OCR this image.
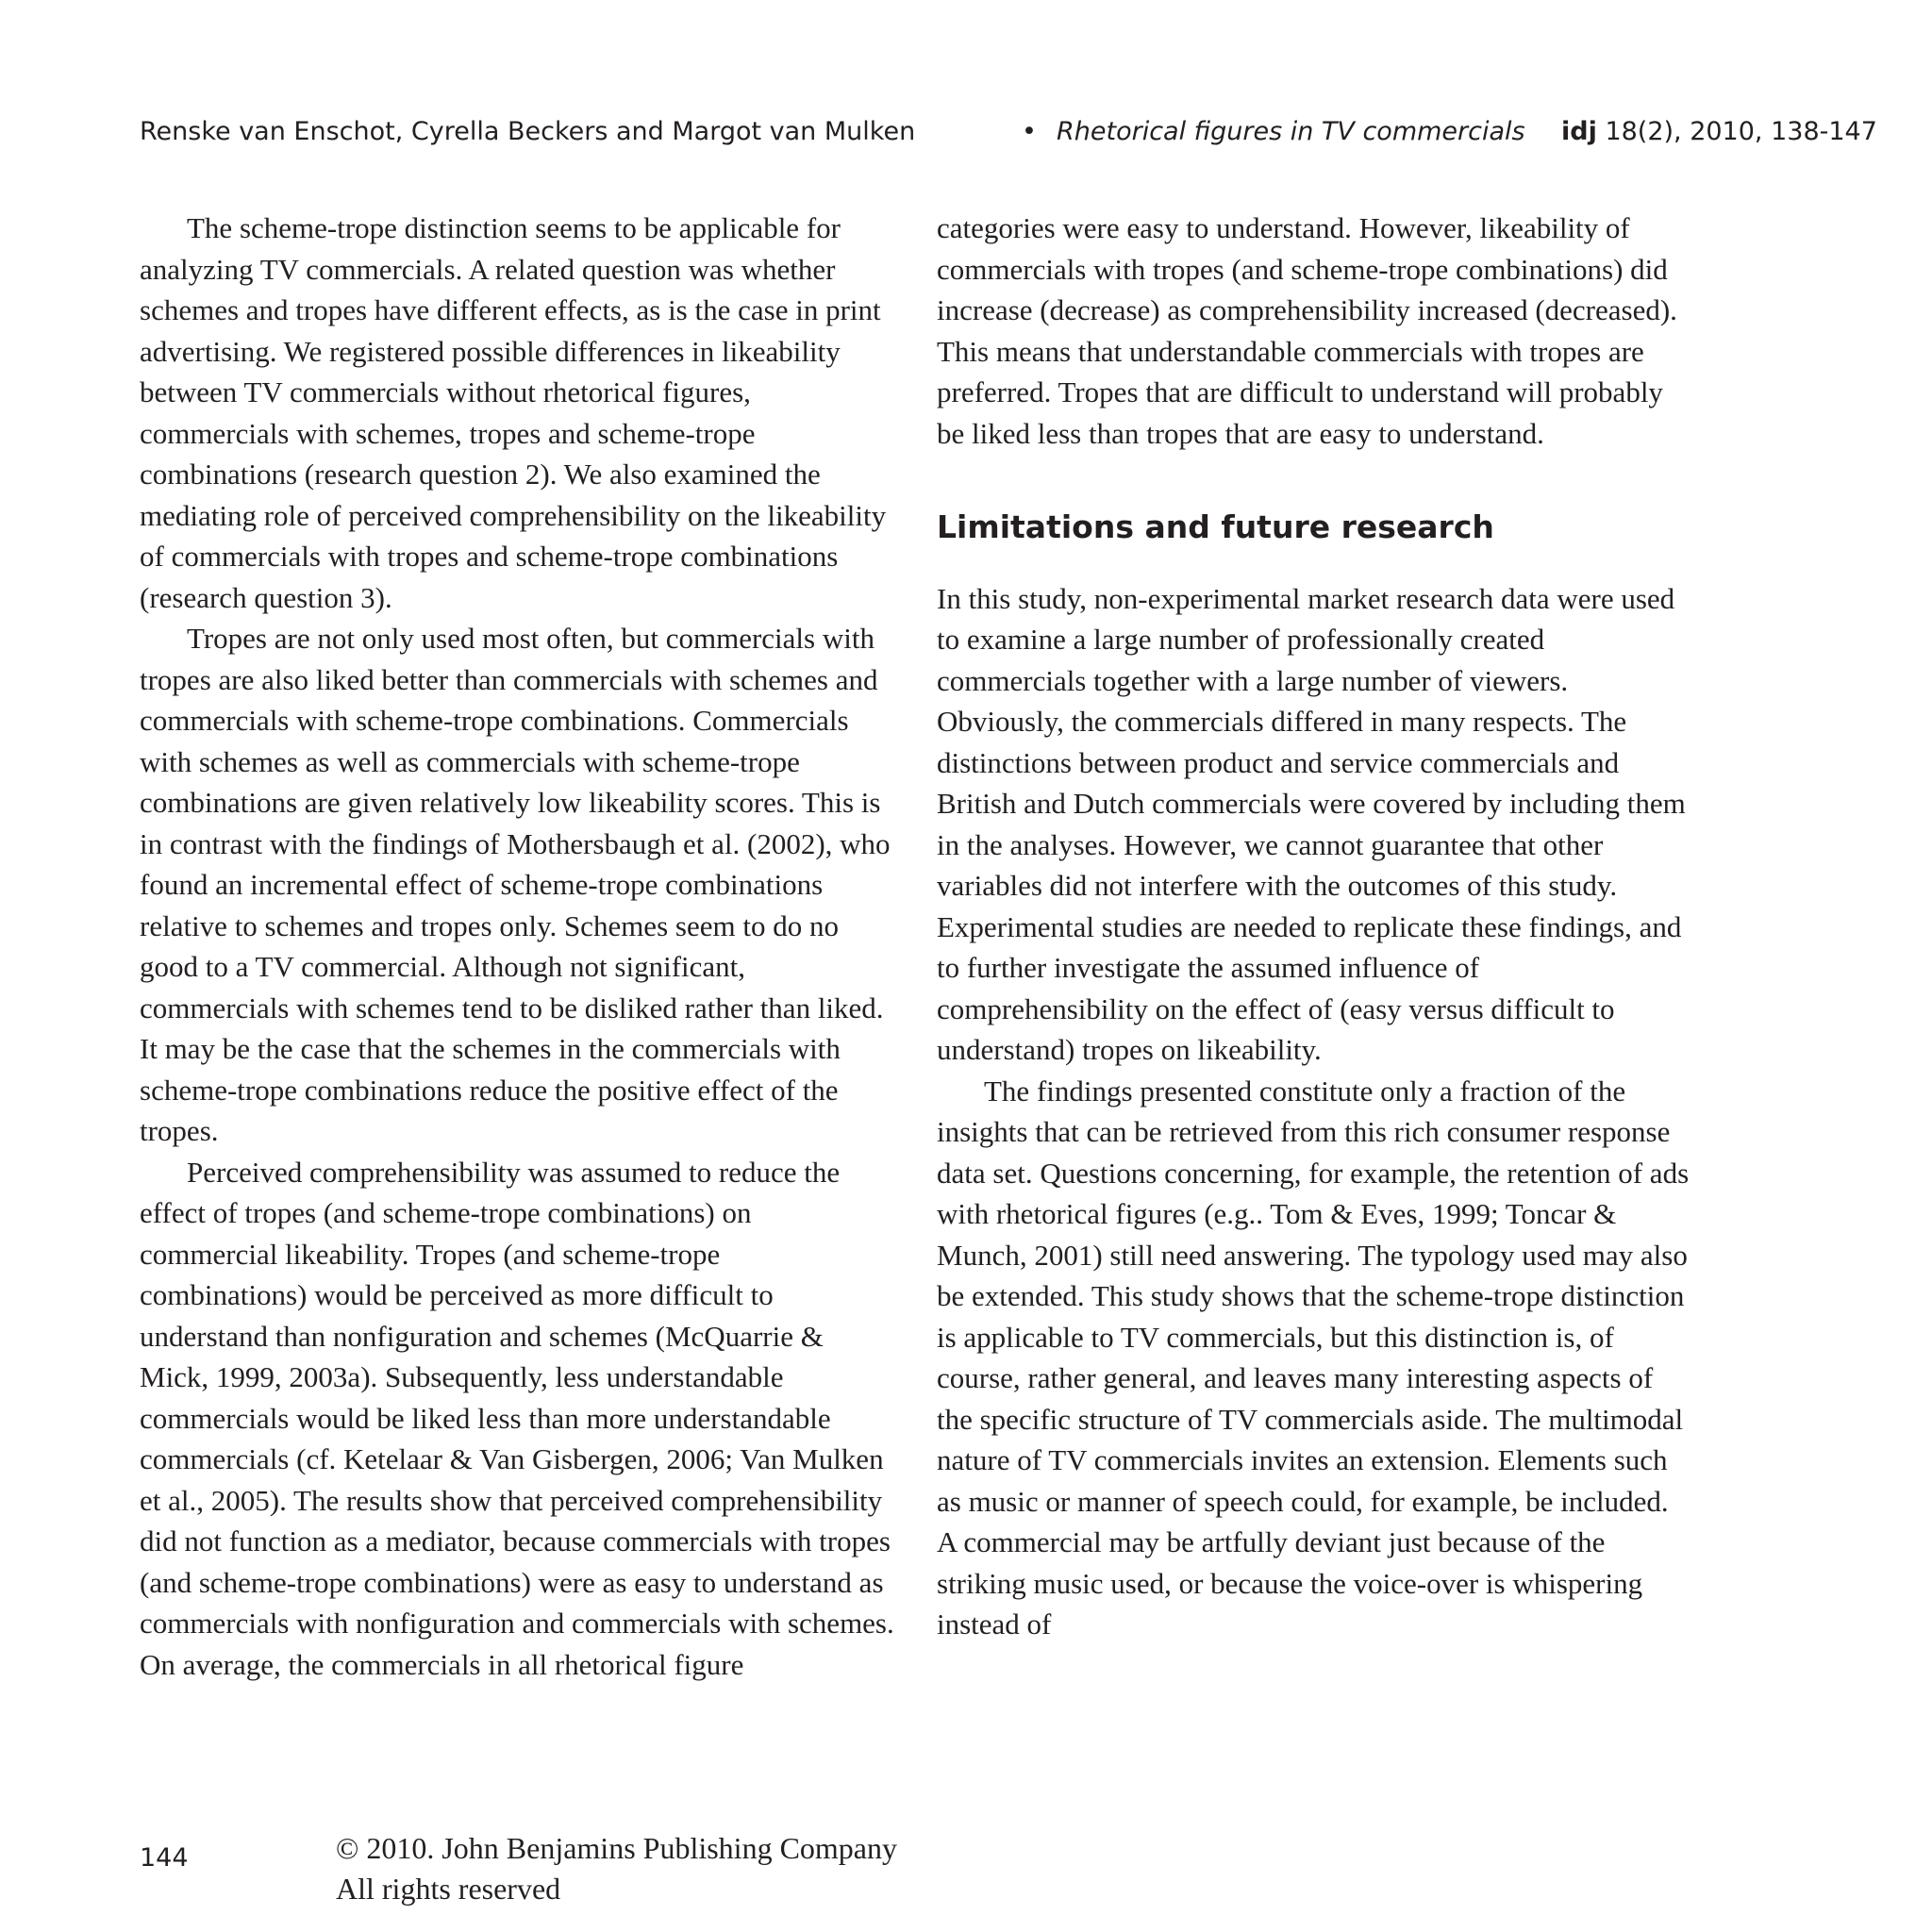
Renske van Enschot, Cyrella Beckers and Margot van Mulken	• Rhetorical figures in TV commercials idj 18(2), 2010, 138-147

The scheme-trope distinction seems to be applicable for analyzing TV commercials. A related question was whether schemes and tropes have different effects, as is the case in print advertising. We registered possible differences in likeability between TV commercials without rhetorical figures, commercials with schemes, tropes and scheme-trope combinations (research question 2). We also examined the mediating role of perceived comprehensibility on the likeability of commercials with tropes and scheme-trope combinations (research question 3).

Tropes are not only used most often, but commercials with tropes are also liked better than commercials with schemes and commercials with scheme-trope combinations. Commercials with schemes as well as commercials with scheme-trope combinations are given relatively low likeability scores. This is in contrast with the findings of Mothersbaugh et al. (2002), who found an incremental effect of scheme-trope combinations relative to schemes and tropes only. Schemes seem to do no good to a TV commercial. Although not significant, commercials with schemes tend to be disliked rather than liked. It may be the case that the schemes in the commercials with scheme-trope combinations reduce the positive effect of the tropes.

Perceived comprehensibility was assumed to reduce the effect of tropes (and scheme-trope combinations) on commercial likeability. Tropes (and scheme-trope combinations) would be perceived as more difficult to understand than nonfiguration and schemes (McQuarrie & Mick, 1999, 2003a). Subsequently, less understandable commercials would be liked less than more understandable commercials (cf. Ketelaar & Van Gisbergen, 2006; Van Mulken et al., 2005). The results show that perceived comprehensibility did not function as a mediator, because commercials with tropes (and scheme-trope combinations) were as easy to understand as commercials with nonfiguration and commercials with schemes. On average, the commercials in all rhetorical figure

categories were easy to understand. However, likeability of commercials with tropes (and scheme-trope combinations) did increase (decrease) as comprehensibility increased (decreased). This means that understandable commercials with tropes are preferred. Tropes that are difficult to understand will probably be liked less than tropes that are easy to understand.

Limitations and future research

In this study, non-experimental market research data were used to examine a large number of professionally created commercials together with a large number of viewers. Obviously, the commercials differed in many respects. The distinctions between product and service commercials and British and Dutch commercials were covered by including them in the analyses. However, we cannot guarantee that other variables did not interfere with the outcomes of this study. Experimental studies are needed to replicate these findings, and to further investigate the assumed influence of comprehensibility on the effect of (easy versus difficult to understand) tropes on likeability.

The findings presented constitute only a fraction of the insights that can be retrieved from this rich consumer response data set. Questions concerning, for example, the retention of ads with rhetorical figures (e.g.. Tom & Eves, 1999; Toncar & Munch, 2001) still need answering. The typology used may also be extended. This study shows that the scheme-trope distinction is applicable to TV commercials, but this distinction is, of course, rather general, and leaves many interesting aspects of the specific structure of TV commercials aside. The multimodal nature of TV commercials invites an extension. Elements such as music or manner of speech could, for example, be included. A commercial may be artfully deviant just because of the striking music used, or because the voice-over is whispering instead of

144	© 2010. John Benjamins Publishing Company
All rights reserved
